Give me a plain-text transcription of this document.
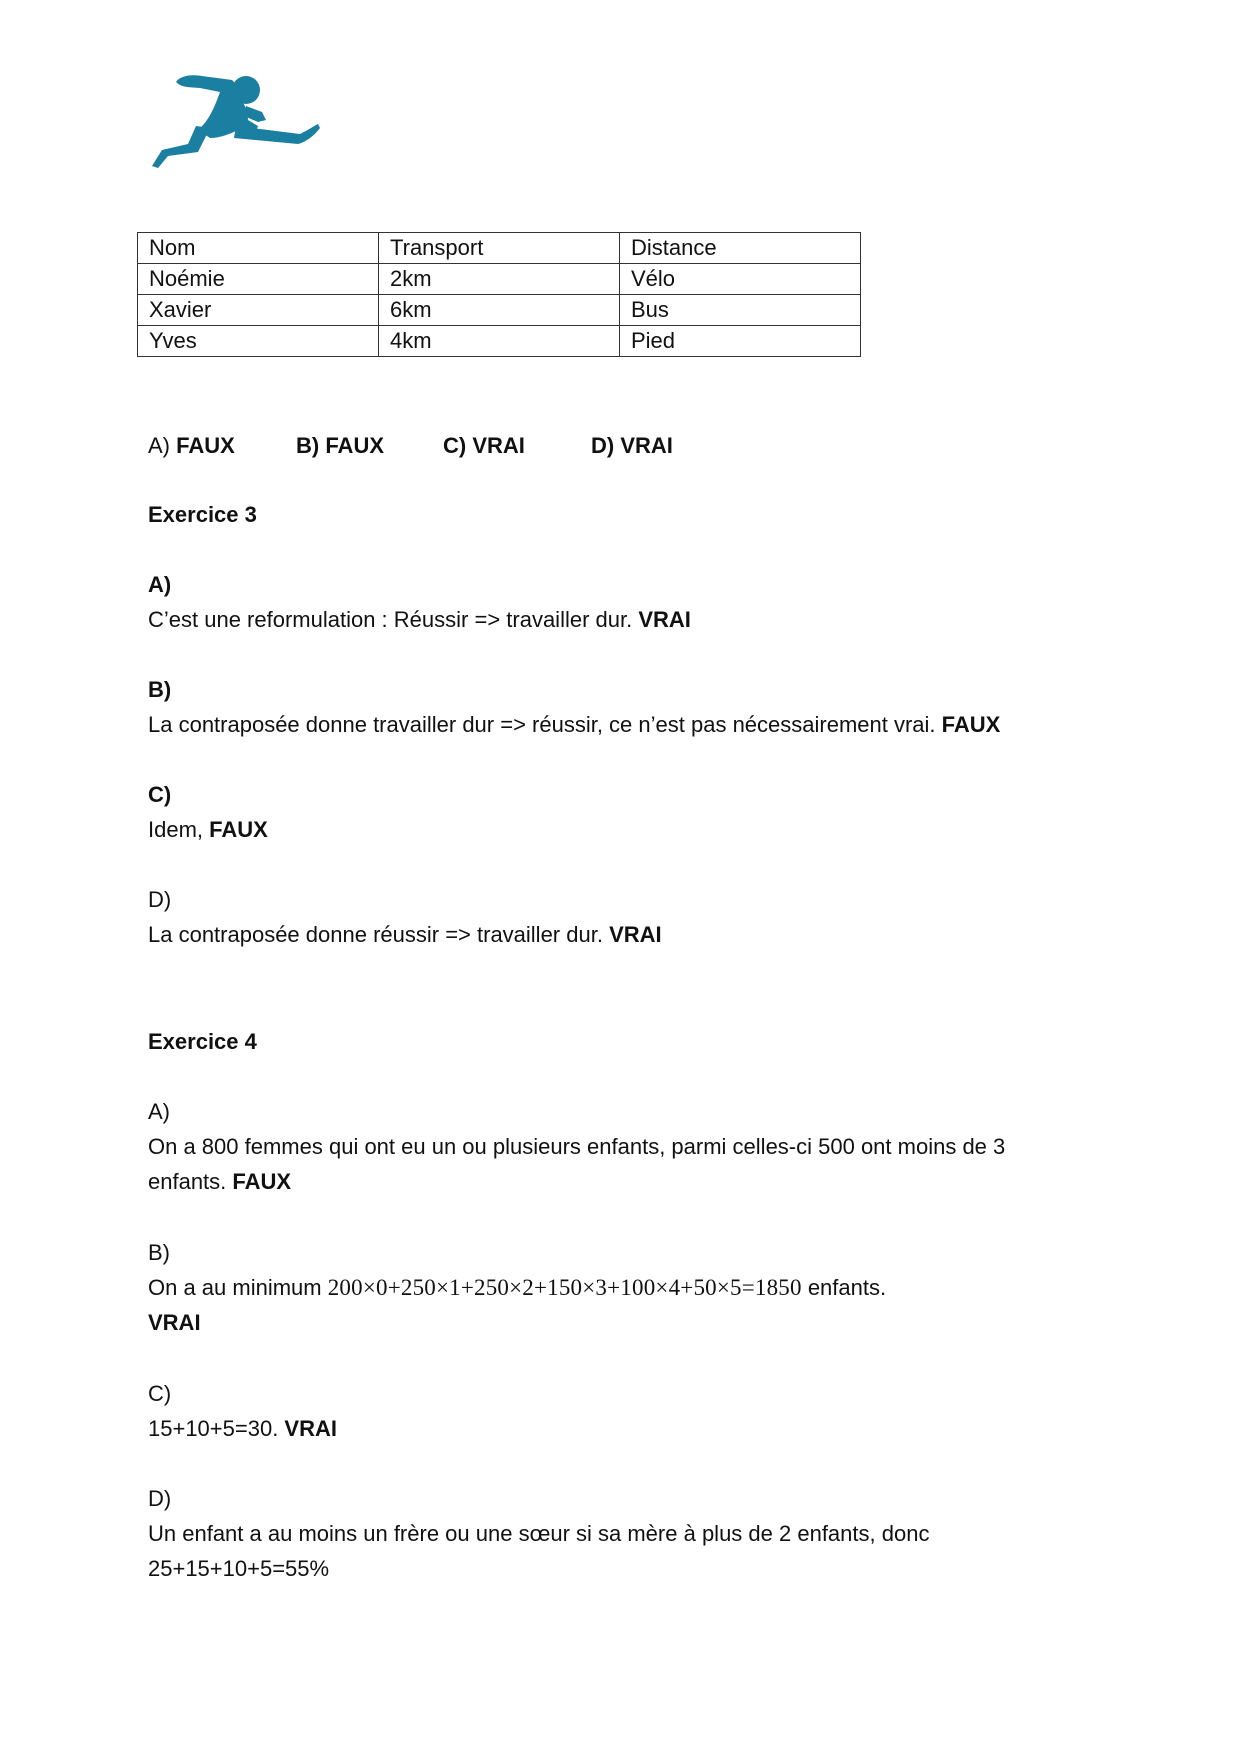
Nom	Transport	Distance
Noémie	2km	Vélo
Xavier	6km	Bus
Yves	4km	Pied
A) FAUX	B) FAUX	C) VRAI	D) VRAI
Exercice 3
A)
C’est une reformulation : Réussir => travailler dur. VRAI
B)
La contraposée donne travailler dur => réussir, ce n’est pas nécessairement vrai. FAUX
C)
Idem, FAUX
D)
La contraposée donne réussir => travailler dur. VRAI
Exercice 4
A)
On a 800 femmes qui ont eu un ou plusieurs enfants, parmi celles-ci 500 ont moins de 3
enfants. FAUX
B)
On a au minimum 200×0+250×1+250×2+150×3+100×4+50×5=1850 enfants.
VRAI
C)
15+10+5=30. VRAI
D)
Un enfant a au moins un frère ou une sœur si sa mère à plus de 2 enfants, donc
25+15+10+5=55%
